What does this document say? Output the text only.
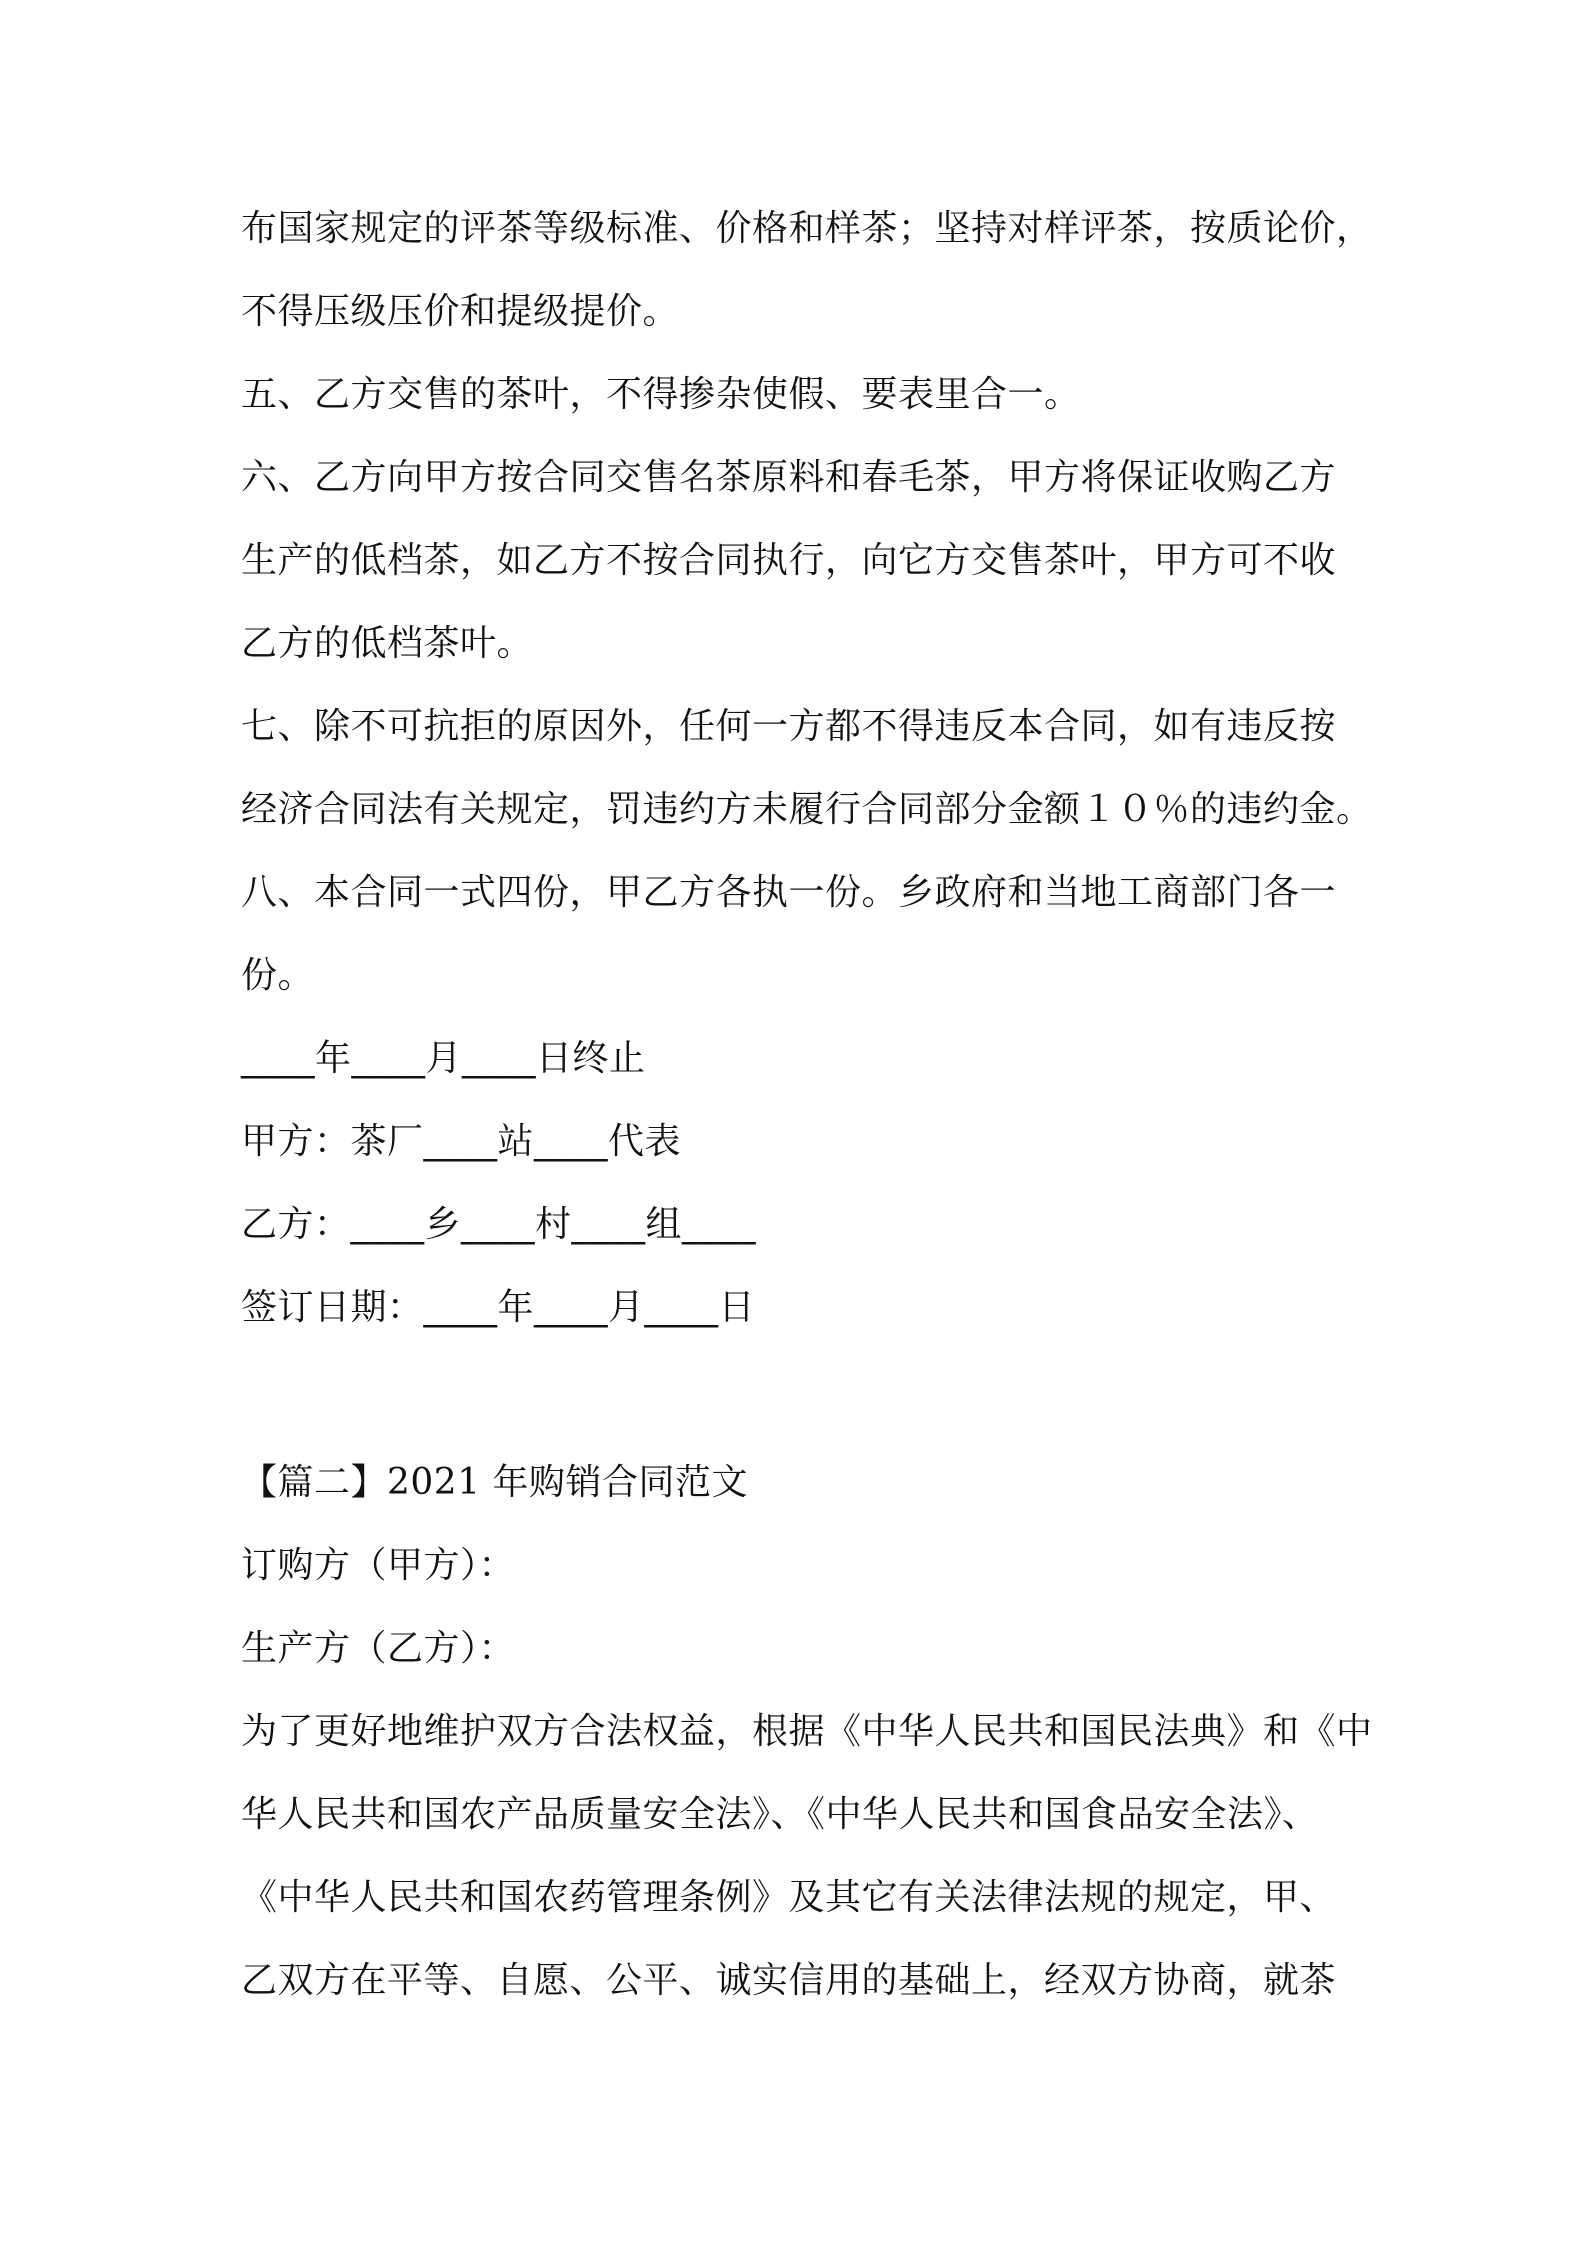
布国家规定的评茶等级标准、价格和样茶；坚持对样评茶，按质论价，

不得压级压价和提级提价。

五、乙方交售的茶叶，不得掺杂使假、要表里合一。

六、乙方向甲方按合同交售名茶原料和春毛茶，甲方将保证收购乙方

生产的低档茶，如乙方不按合同执行，向它方交售茶叶，甲方可不收

乙方的低档茶叶。

七、除不可抗拒的原因外，任何一方都不得违反本合同，如有违反按

经济合同法有关规定，罚违约方未履行合同部分金额１０％的违约金。

八、本合同一式四份，甲乙方各执一份。乡政府和当地工商部门各一

份。

____年____月____日终止

甲方：茶厂____站____代表

乙方：____乡____村____组____

签订日期：____年____月____日

【篇二】2021 年购销合同范文

订购方（甲方）：

生产方（乙方）：

为了更好地维护双方合法权益，根据《中华人民共和国民法典》和《中

华人民共和国农产品质量安全法》、《中华人民共和国食品安全法》、

《中华人民共和国农药管理条例》及其它有关法律法规的规定，甲、

乙双方在平等、自愿、公平、诚实信用的基础上，经双方协商，就茶
